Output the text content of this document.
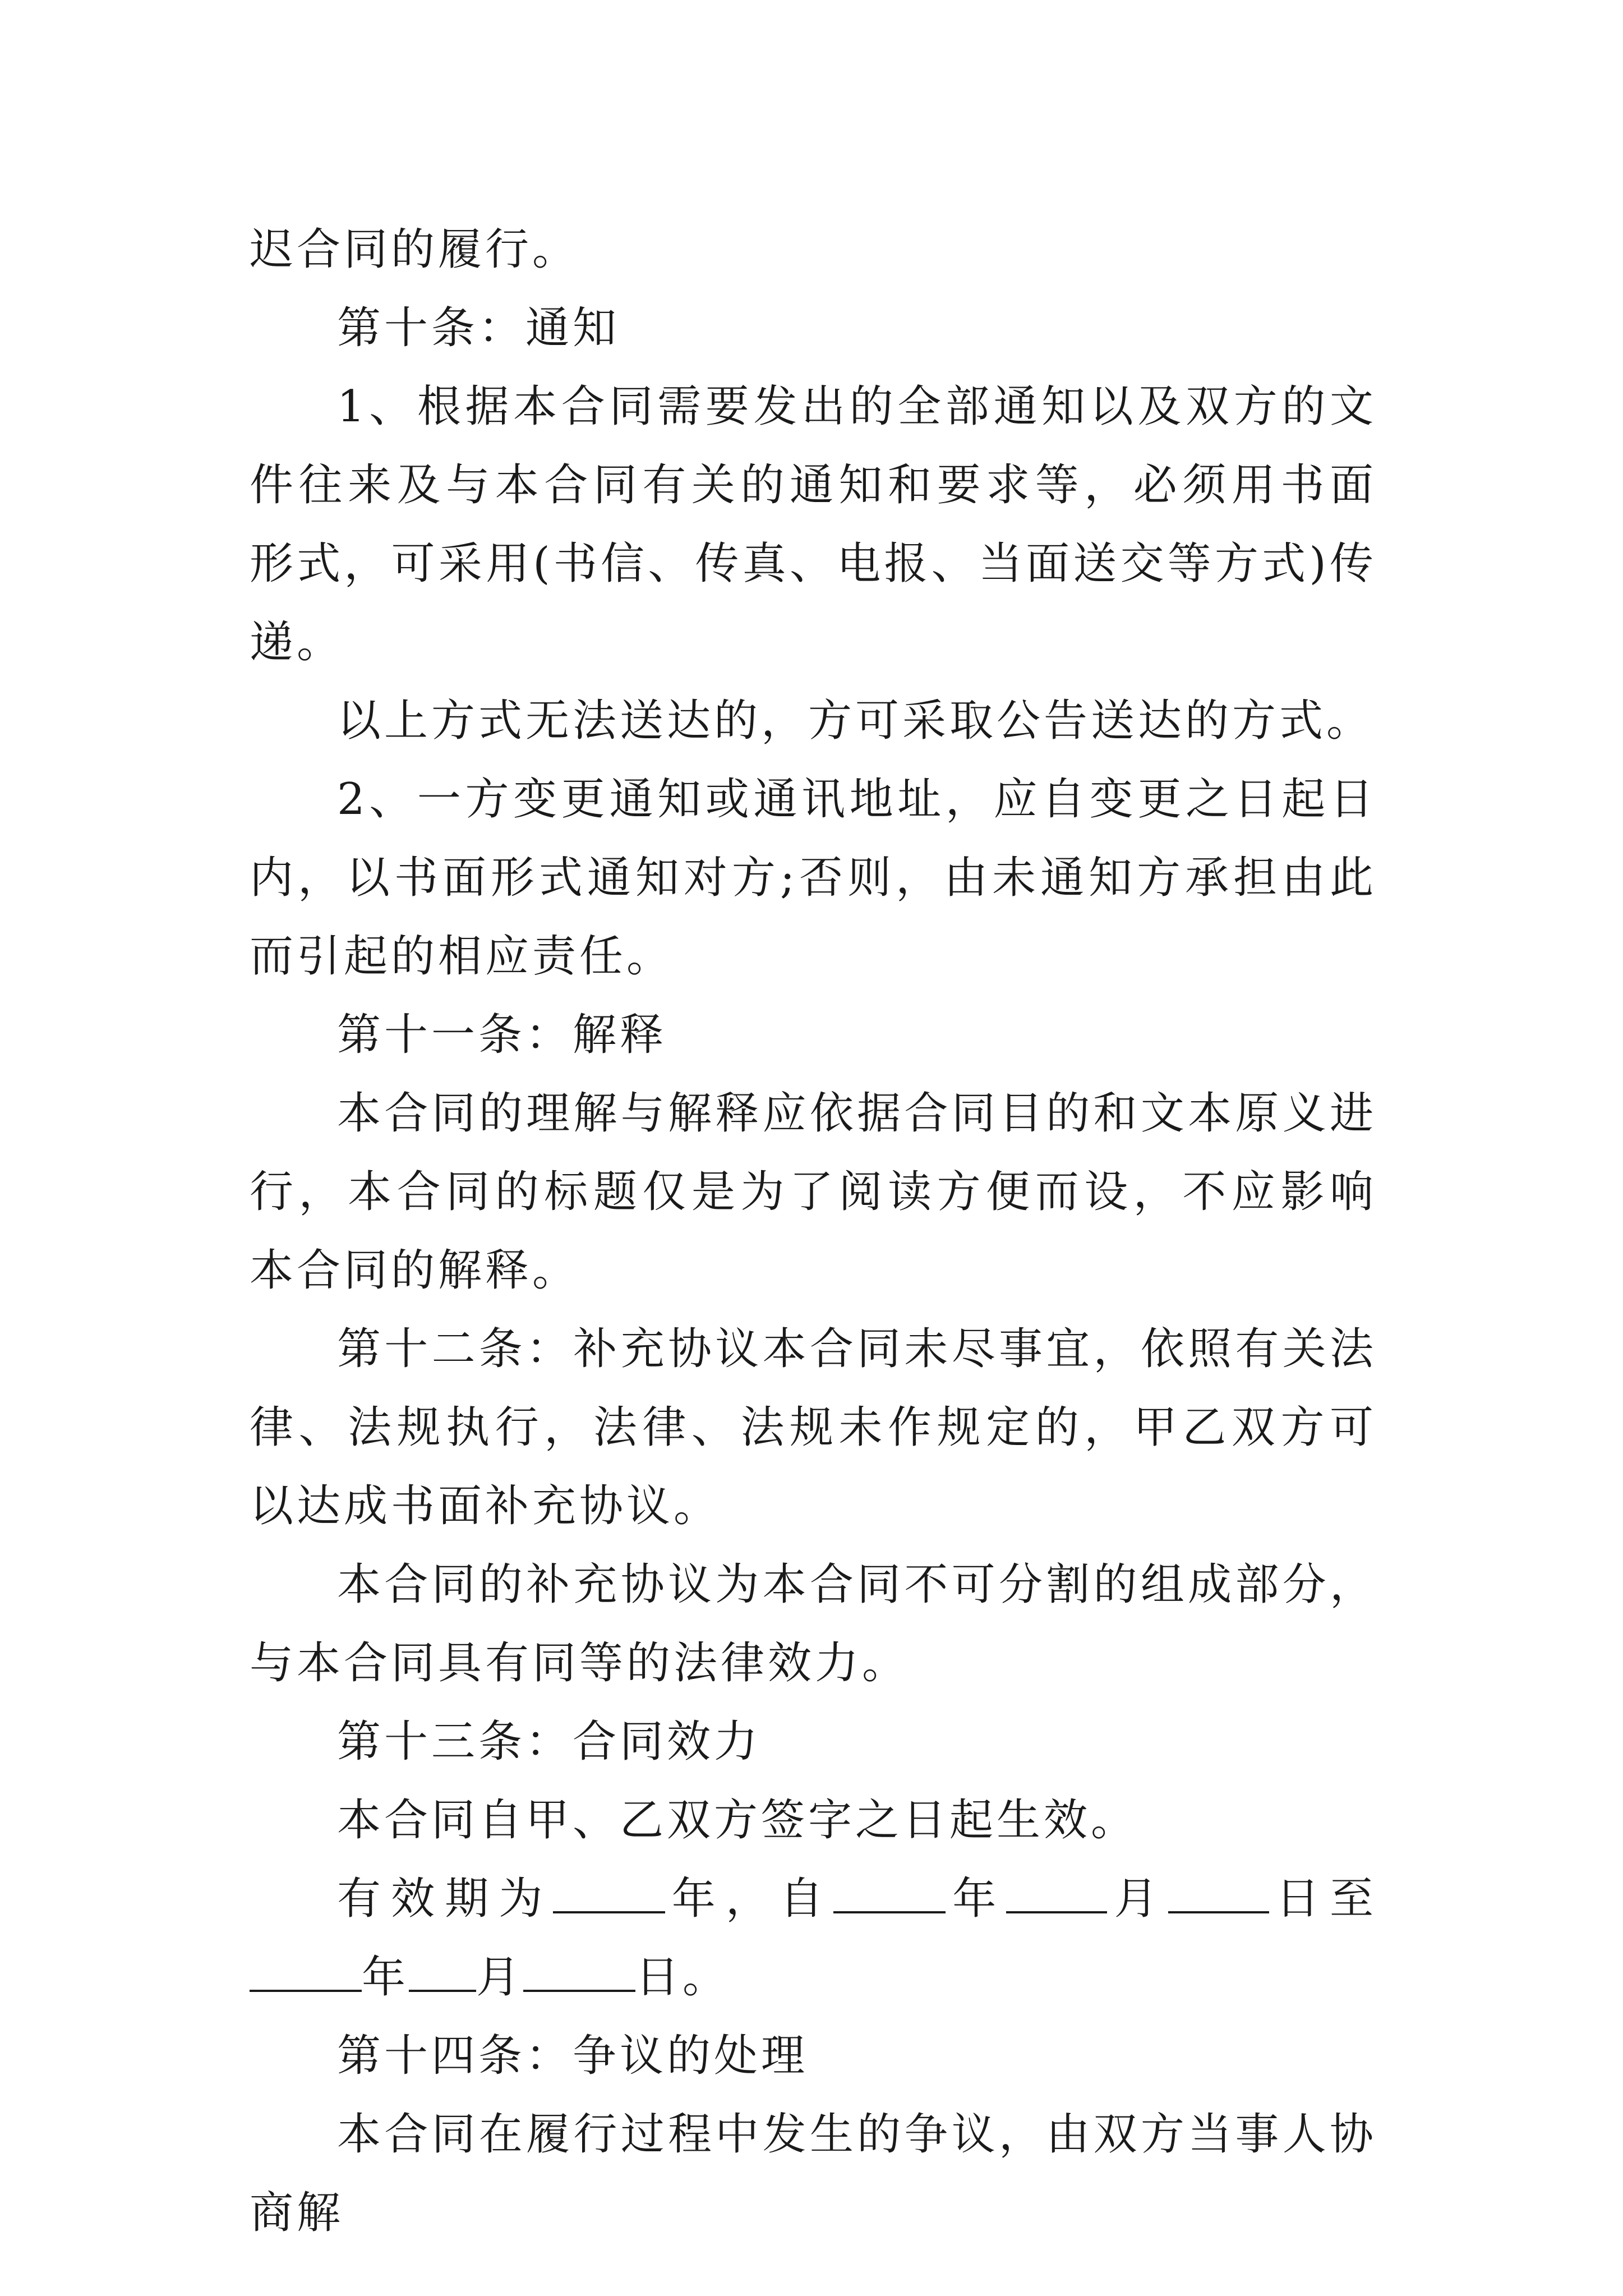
迟合同的履行。

第十条：通知

1、根据本合同需要发出的全部通知以及双方的文件往来及与本合同有关的通知和要求等，必须用书面形式，可采用(书信、传真、电报、当面送交等方式)传递。

以上方式无法送达的，方可采取公告送达的方式。

2、一方变更通知或通讯地址，应自变更之日起日内，以书面形式通知对方;否则，由未通知方承担由此而引起的相应责任。

第十一条：解释

本合同的理解与解释应依据合同目的和文本原义进行，本合同的标题仅是为了阅读方便而设，不应影响本合同的解释。

第十二条：补充协议本合同未尽事宜，依照有关法律、法规执行，法律、法规未作规定的，甲乙双方可以达成书面补充协议。

本合同的补充协议为本合同不可分割的组成部分，与本合同具有同等的法律效力。

第十三条：合同效力

本合同自甲、乙双方签字之日起生效。

有效期为	年，自	年 月 日至年 月	日。

第十四条：争议的处理

本合同在履行过程中发生的争议，由双方当事人协商解
